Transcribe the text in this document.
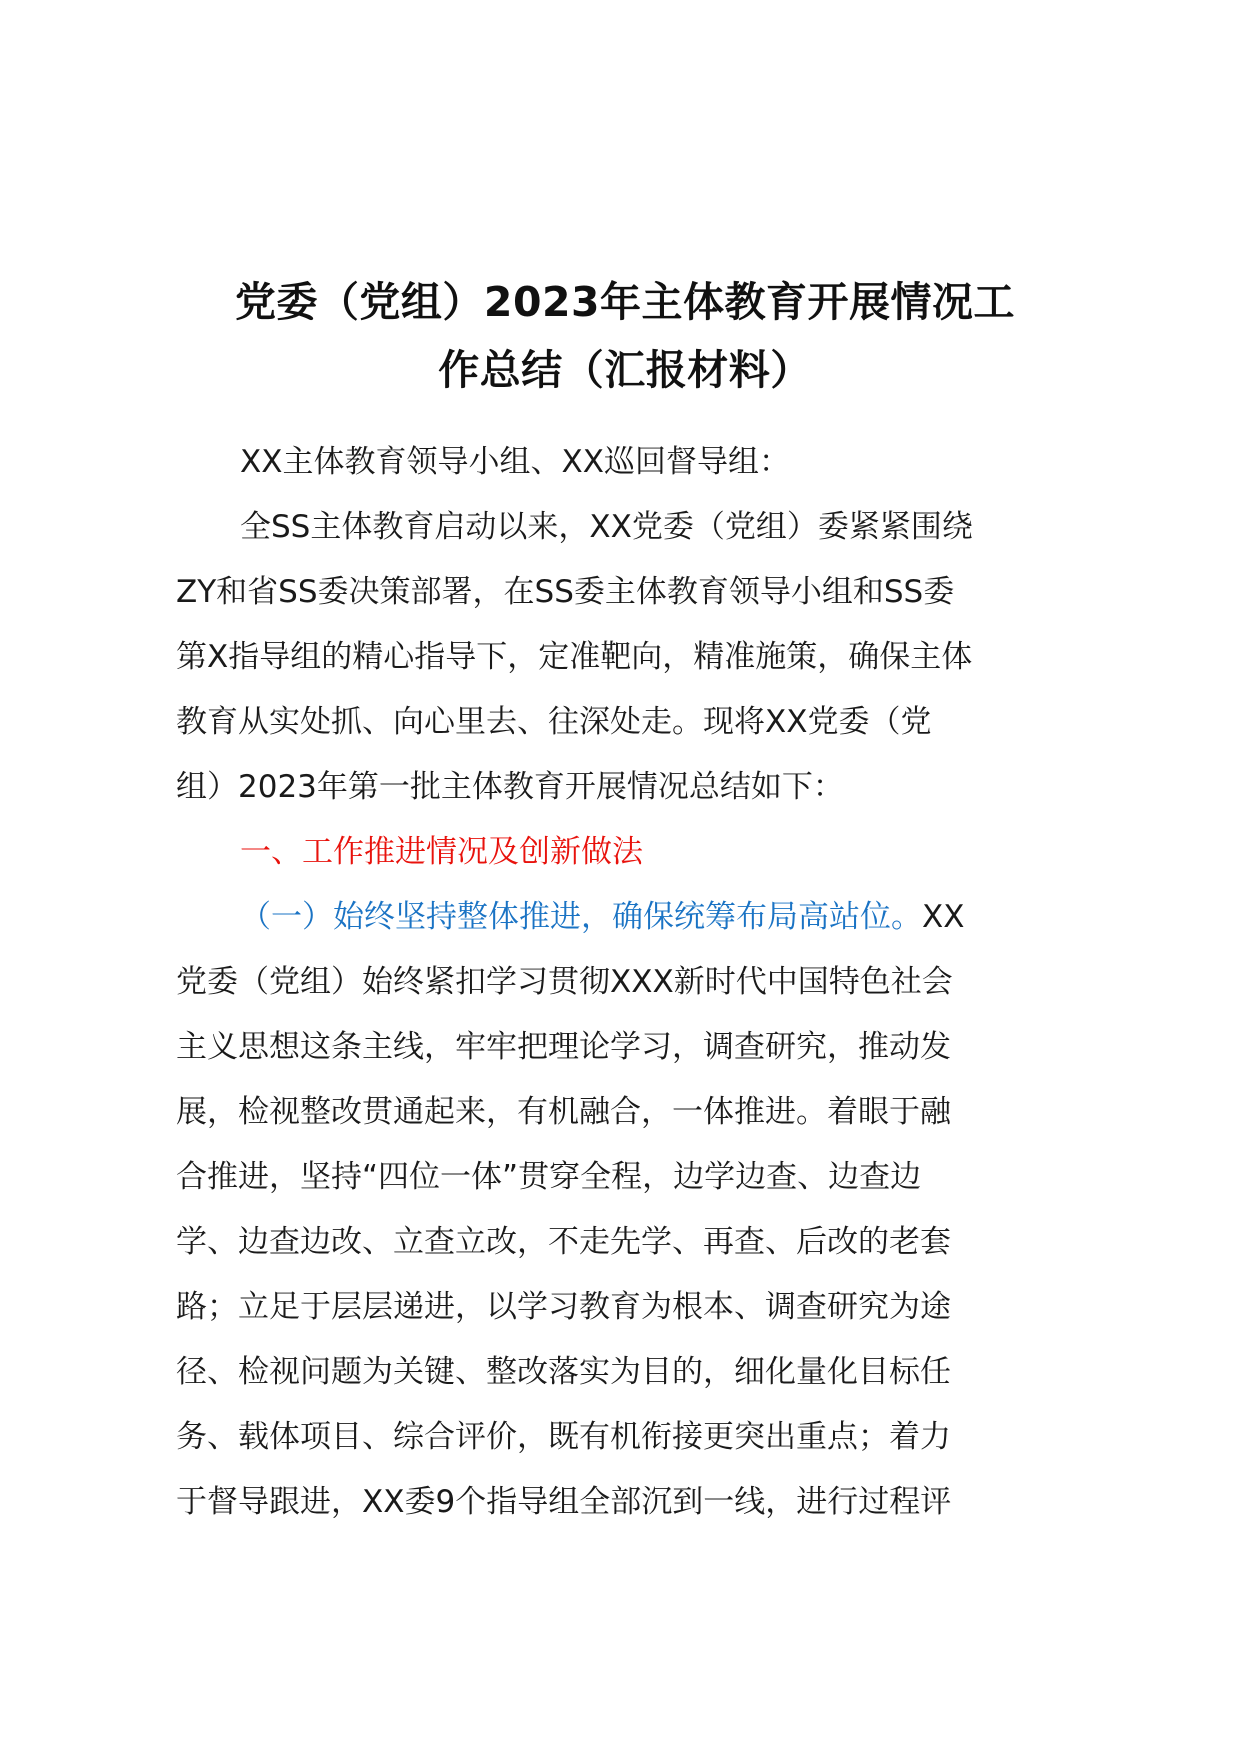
党委（党组）2023年主体教育开展情况工
作总结（汇报材料）
XX主体教育领导小组、XX巡回督导组：
全SS主体教育启动以来，XX党委（党组）委紧紧围绕
ZY和省SS委决策部署，在SS委主体教育领导小组和SS委
第X指导组的精心指导下，定准靶向，精准施策，确保主体
教育从实处抓、向心里去、往深处走。现将XX党委（党
组）2023年第一批主体教育开展情况总结如下：
一、工作推进情况及创新做法
（一）始终坚持整体推进，确保统筹布局高站位。XX
党委（党组）始终紧扣学习贯彻XXX新时代中国特色社会
主义思想这条主线，牢牢把理论学习，调查研究，推动发
展，检视整改贯通起来，有机融合，一体推进。着眼于融
合推进，坚持“四位一体”贯穿全程，边学边查、边查边
学、边查边改、立查立改，不走先学、再查、后改的老套
路；立足于层层递进，以学习教育为根本、调查研究为途
径、检视问题为关键、整改落实为目的，细化量化目标任
务、载体项目、综合评价，既有机衔接更突出重点；着力
于督导跟进，XX委9个指导组全部沉到一线，进行过程评
